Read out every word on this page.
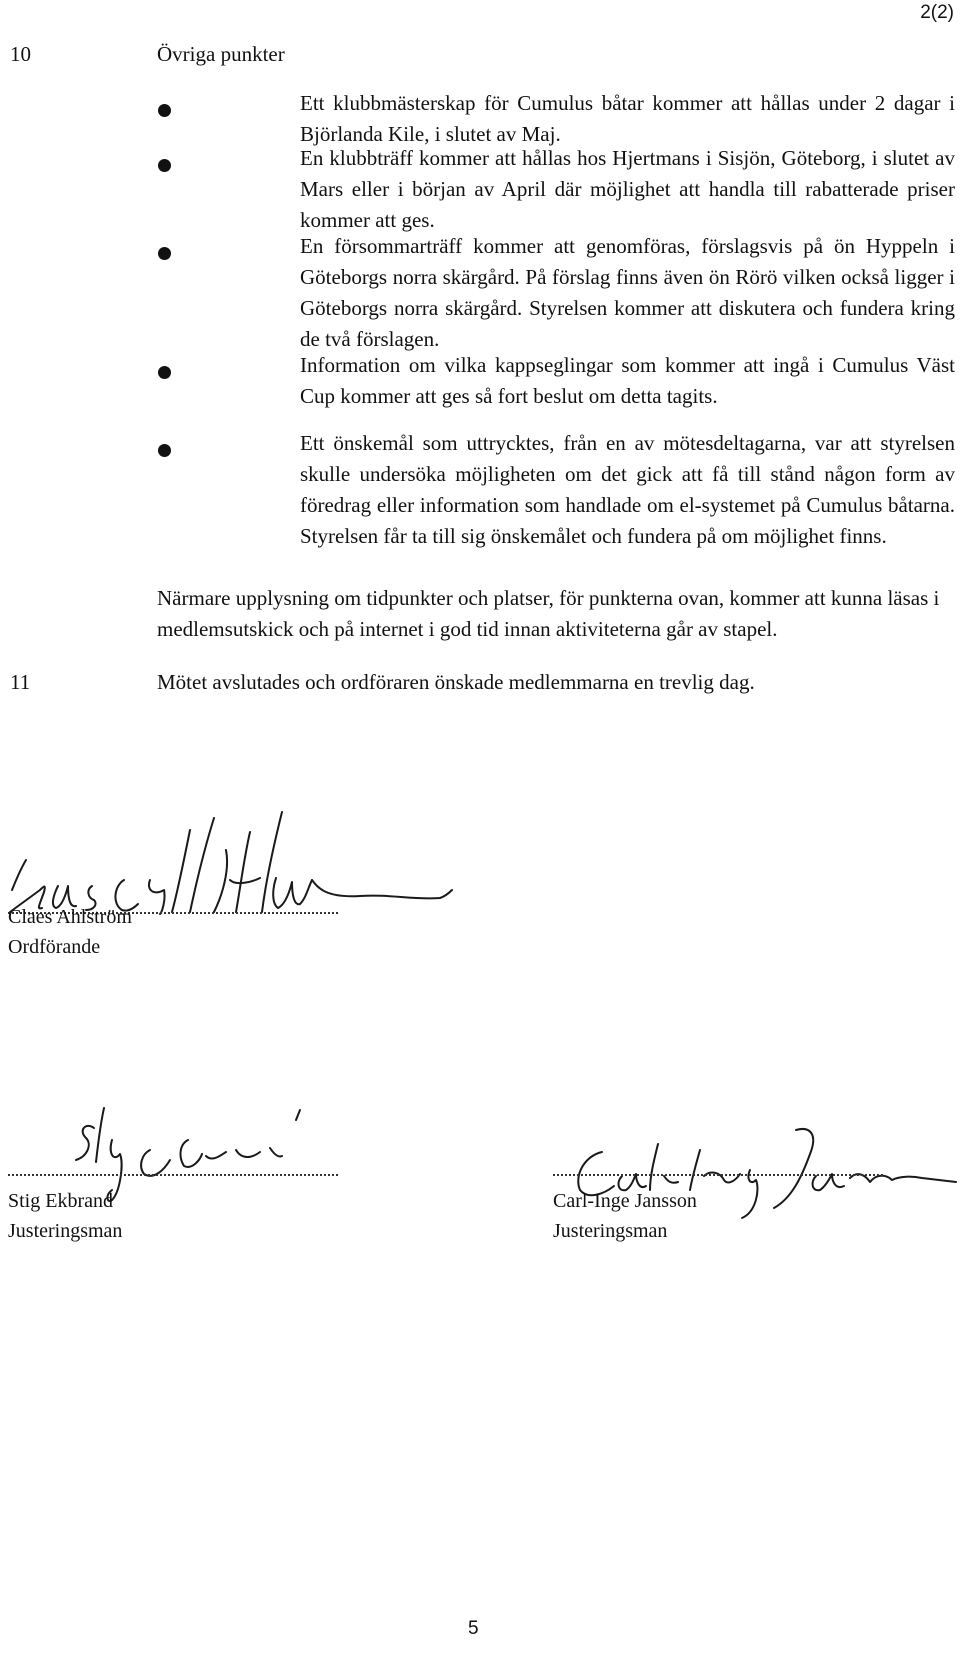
2(2)
10	Övriga punkter
Ett klubbmästerskap för Cumulus båtar kommer att hållas under 2 dagar i Björlanda Kile, i slutet av Maj.
En klubbträff kommer att hållas hos Hjertmans i Sisjön, Göteborg, i slutet av Mars eller i början av April där möjlighet att handla till rabatterade priser kommer att ges.
En försommarträff kommer att genomföras, förslagsvis på ön Hyppeln i Göteborgs norra skärgård. På förslag finns även ön Rörö vilken också ligger i Göteborgs norra skärgård. Styrelsen kommer att diskutera och fundera kring de två förslagen.
Information om vilka kappseglingar som kommer att ingå i Cumulus Väst Cup kommer att ges så fort beslut om detta tagits.
Ett önskemål som uttrycktes, från en av mötesdeltagarna, var att styrelsen skulle undersöka möjligheten om det gick att få till stånd någon form av föredrag eller information som handlade om el-systemet på Cumulus båtarna. Styrelsen får ta till sig önskemålet och fundera på om möjlighet finns.
Närmare upplysning om tidpunkter och platser, för punkterna ovan, kommer att kunna läsas i medlemsutskick och på internet i god tid innan aktiviteterna går av stapel.
11	Mötet avslutades och ordföraren önskade medlemmarna en trevlig dag.
Claes Ahlström
Ordförande
Stig Ekbrand
Justeringsman
Carl-Inge Jansson
Justeringsman
5
